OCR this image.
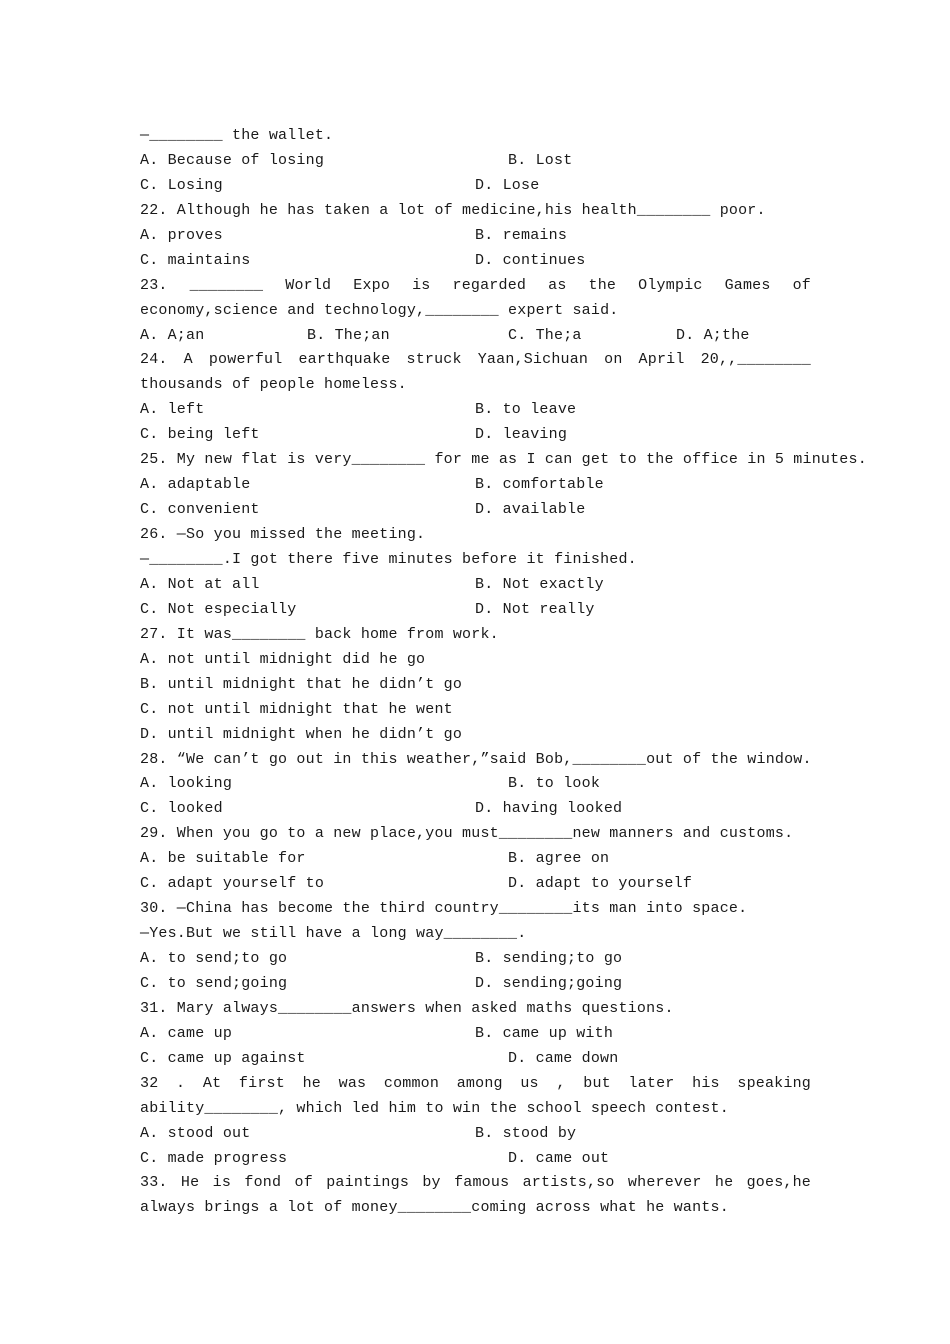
—________ the wallet.
A. Because of losing	B. Lost
C. Losing	D. Lose
22. Although he has taken a lot of medicine,his health________ poor.
A. proves	B. remains
C. maintains	D. continues
23. ________ World Expo is regarded as the Olympic Games of economy,science and technology,________ expert said.
A. A;an	B. The;an	C. The;a	D. A;the
24. A powerful earthquake struck Yaan,Sichuan on April 20,,________ thousands of people homeless.
A. left	B. to leave
C. being left	D. leaving
25. My new flat is very________ for me as I can get to the office in 5 minutes.
A. adaptable	B. comfortable
C. convenient	D. available
26. —So you missed the meeting.
—________.I got there five minutes before it finished.
A. Not at all	B. Not exactly
C. Not especially	D. Not really
27. It was________ back home from work.
A. not until midnight did he go
B. until midnight that he didn’t go
C. not until midnight that he went
D. until midnight when he didn’t go
28. “We can’t go out in this weather,”said Bob,________out of the window.
A. looking	B. to look
C. looked	D. having looked
29. When you go to a new place,you must________new manners and customs.
A. be suitable for	B. agree on
C. adapt yourself to	D. adapt to yourself
30. —China has become the third country________its man into space.
—Yes.But we still have a long way________.
A. to send;to go	B. sending;to go
C. to send;going	D. sending;going
31. Mary always________answers when asked maths questions.
A. came up	B. came up with
C. came up against	D. came down
32 . At first he was common among us , but later his speaking ability________, which led him to win the school speech contest.
A. stood out	B. stood by
C. made progress	D. came out
33. He is fond of paintings by famous artists,so wherever he goes,he always brings a lot of money________coming across what he wants.
